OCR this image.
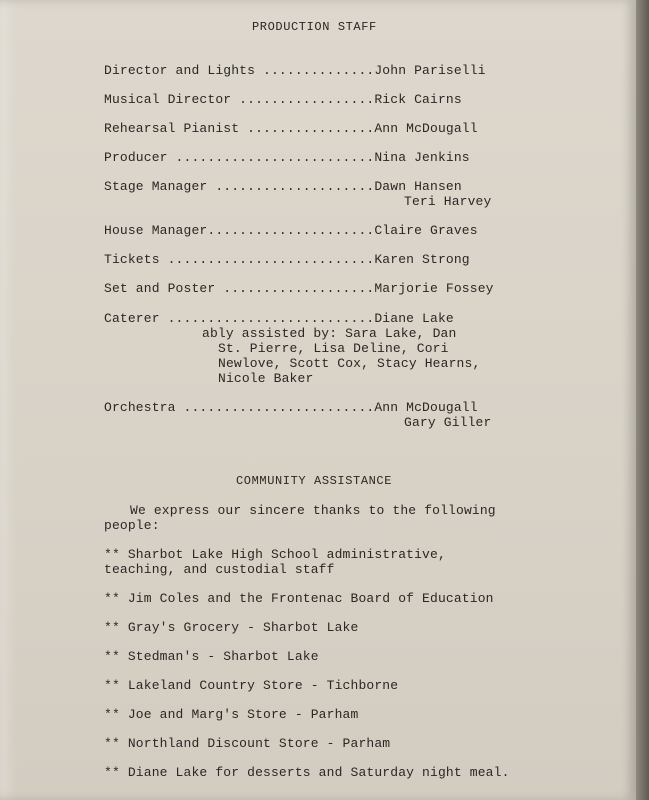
PRODUCTION STAFF

Director and Lights ..............John Pariselli

Musical Director .................Rick Cairns

Rehearsal Pianist ................Ann McDougall

Producer .........................Nina Jenkins

Stage Manager ....................Dawn Hansen

Teri Harvey

House Manager.....................Claire Graves

Tickets ..........................Karen Strong

Set and Poster ...................Marjorie Fossey

Caterer ..........................Diane Lake

ably assisted by: Sara Lake, Dan

St. Pierre, Lisa Deline, Cori

Newlove, Scott Cox, Stacy Hearns,

Nicole Baker

Orchestra ........................Ann McDougall

Gary Giller

COMMUNITY ASSISTANCE

We express our sincere thanks to the following

people:

** Sharbot Lake High School administrative,

teaching, and custodial staff

** Jim Coles and the Frontenac Board of Education

** Gray's Grocery - Sharbot Lake

** Stedman's - Sharbot Lake

** Lakeland Country Store - Tichborne

** Joe and Marg's Store - Parham

** Northland Discount Store - Parham

** Diane Lake for desserts and Saturday night meal.
